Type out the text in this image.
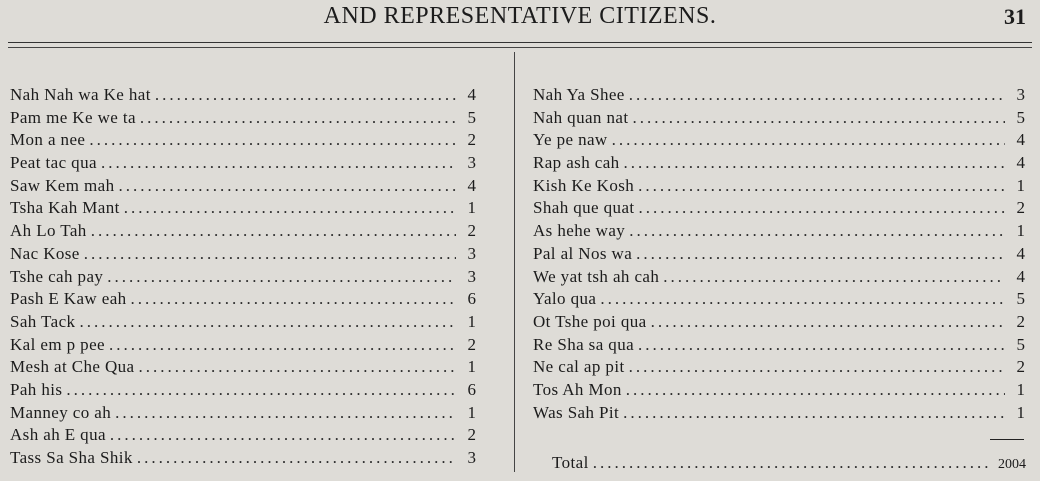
AND REPRESENTATIVE CITIZENS.	31
Nah Nah wa Ke hat .....	4
Pam me Ke we ta .....	5
Mon a nee .....	2
Peat tac qua .....	3
Saw Kem mah .....	4
Tsha Kah Mant .....	1
Ah Lo Tah .....	2
Nac Kose .....	3
Tshe cah pay .....	3
Pash E Kaw eah .....	6
Sah Tack .....	1
Kal em p pee .....	2
Mesh at Che Qua .....	1
Pah his .....	6
Manney co ah .....	1
Ash ah E qua .....	2
Tass Sa Sha Shik .....	3
Nah Ya Shee .....	3
Nah quan nat .....	5
Ye pe naw .....	4
Rap ash cah .....	4
Kish Ke Kosh .....	1
Shah que quat .....	2
As hehe way .....	1
Pal al Nos wa .....	4
We yat tsh ah cah .....	4
Yalo qua .....	5
Ot Tshe poi qua .....	2
Re Sha sa qua .....	5
Ne cal ap pit .....	2
Tos Ah Mon .....	1
Was Sah Pit .....	1
Total .....	2004
